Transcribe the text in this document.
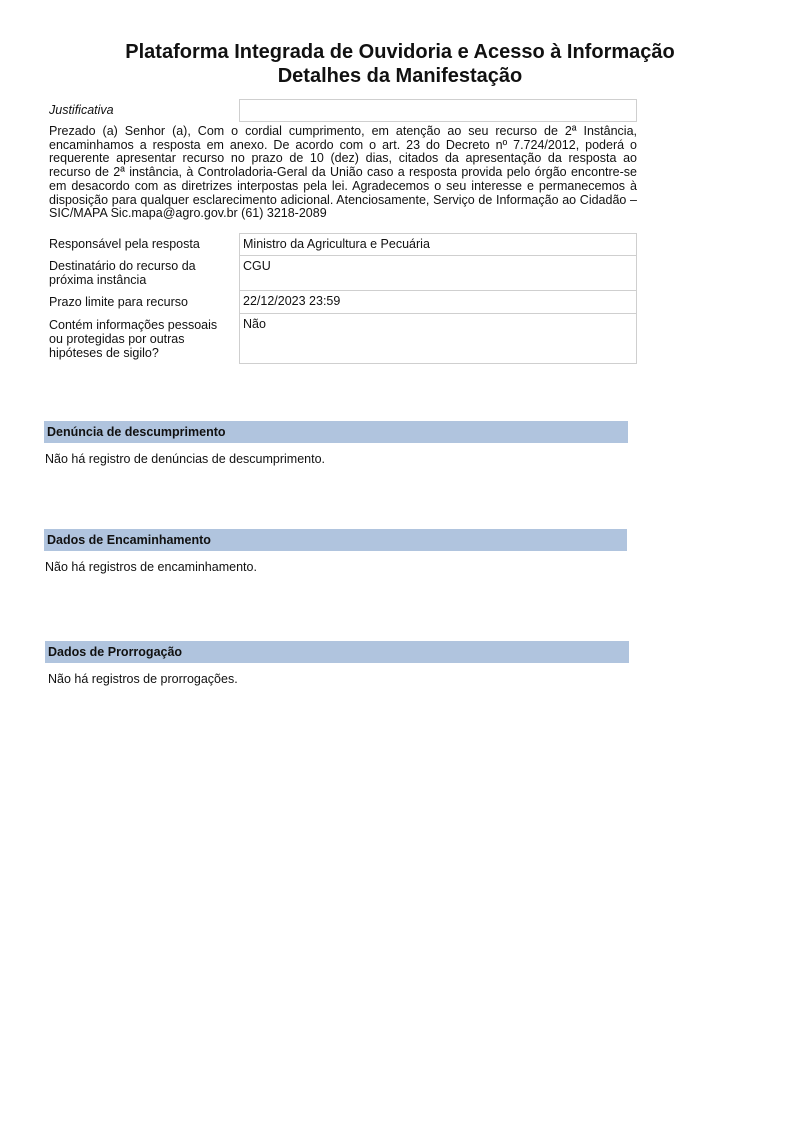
Plataforma Integrada de Ouvidoria e Acesso à Informação
Detalhes da Manifestação
Justificativa
Prezado (a) Senhor (a), Com o cordial cumprimento, em atenção ao seu recurso de 2ª Instância, encaminhamos a resposta em anexo. De acordo com o art. 23 do Decreto nº 7.724/2012, poderá o requerente apresentar recurso no prazo de 10 (dez) dias, citados da apresentação da resposta ao recurso de 2ª instância, à Controladoria-Geral da União caso a resposta provida pelo órgão encontre-se em desacordo com as diretrizes interpostas pela lei. Agradecemos o seu interesse e permanecemos à disposição para qualquer esclarecimento adicional. Atenciosamente, Serviço de Informação ao Cidadão – SIC/MAPA Sic.mapa@agro.gov.br (61) 3218-2089
Responsável pela resposta	Ministro da Agricultura e Pecuária
Destinatário do recurso da próxima instância
CGU
Prazo limite para recurso	22/12/2023 23:59
Contém informações pessoais ou protegidas por outras hipóteses de sigilo?
Não
Denúncia de descumprimento
Não há registro de denúncias de descumprimento.
Dados de Encaminhamento
Não há registros de encaminhamento.
Dados de Prorrogação
Não há registros de prorrogações.
